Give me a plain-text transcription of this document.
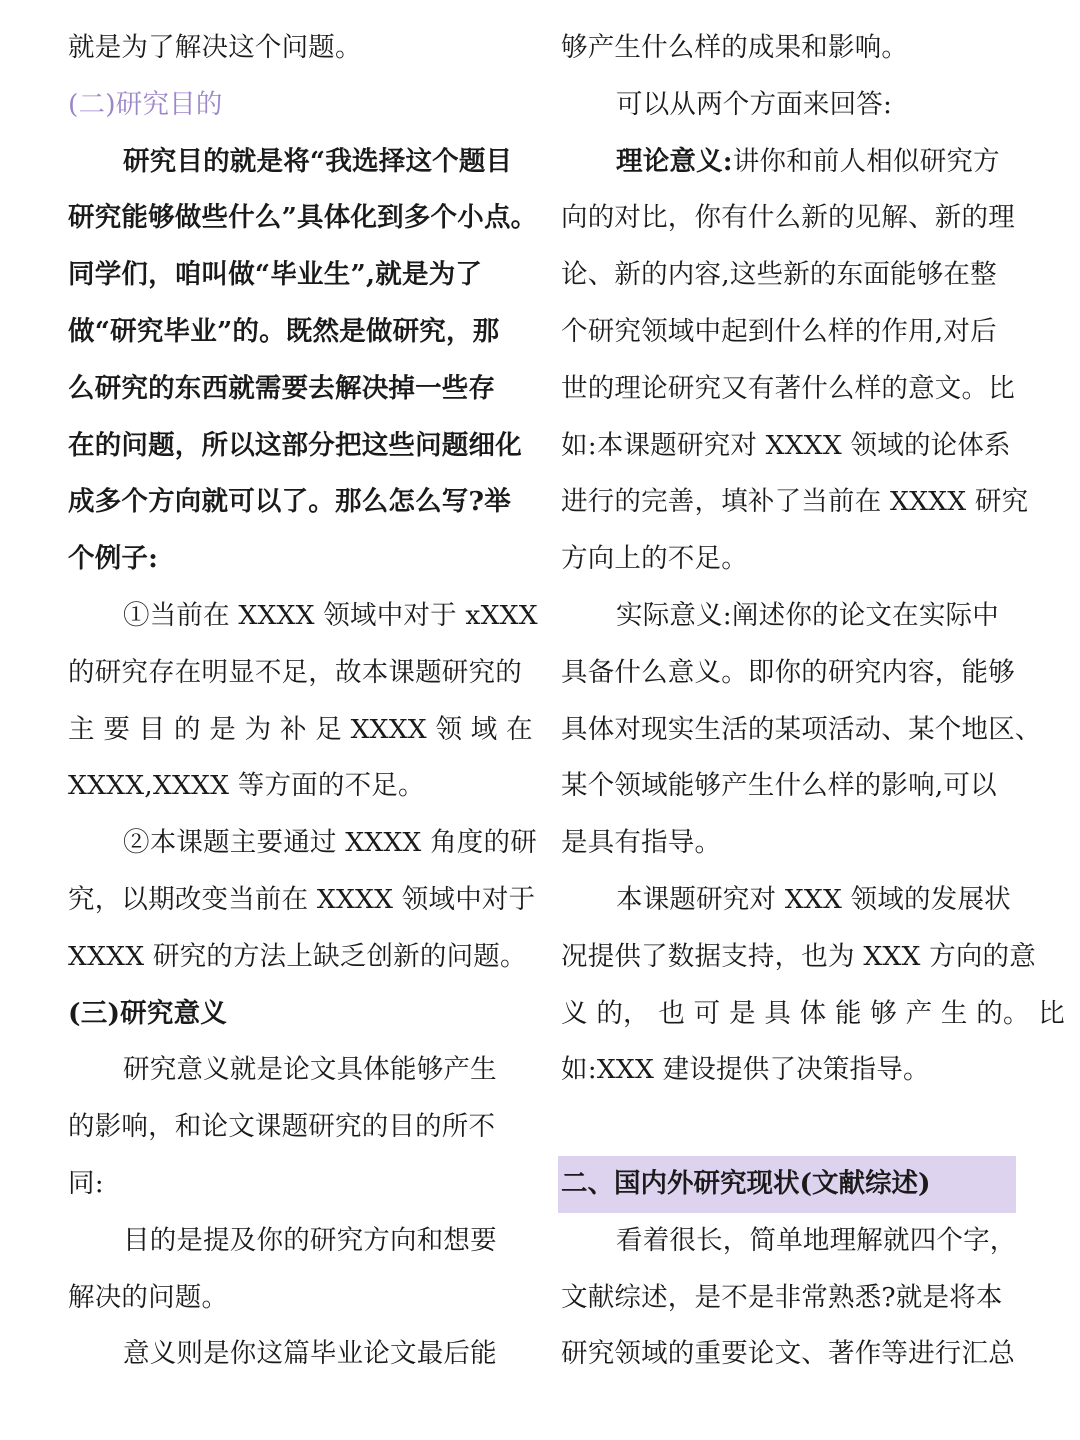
就是为了解决这个问题。
(二)研究目的
研究目的就是将“我选择这个题目
研究能够做些什么”具体化到多个小点。
同学们，咱叫做“毕业生”,就是为了
做“研究毕业”的。既然是做研究，那
么研究的东西就需要去解决掉一些存
在的问题，所以这部分把这些问题细化
成多个方向就可以了。那么怎么写?举
个例子:
①当前在 XXXX 领域中对于 xXXX
的研究存在明显不足，故本课题研究的
主 要 目 的 是 为 补 足 XXXX 领 域 在
XXXX,XXXX 等方面的不足。
②本课题主要通过 XXXX 角度的研
究，以期改变当前在 XXXX 领域中对于
XXXX 研究的方法上缺乏创新的问题。
(三)研究意义
研究意义就是论文具体能够产生
的影响，和论文课题研究的目的所不
同:
目的是提及你的研究方向和想要
解决的问题。
意义则是你这篇毕业论文最后能
够产生什么样的成果和影响。
可以从两个方面来回答:
理论意义:讲你和前人相似研究方
向的对比，你有什么新的见解、新的理
论、新的内容,这些新的东面能够在整
个研究领域中起到什么样的作用,对后
世的理论研究又有著什么样的意文。比
如:本课题研究对 XXXX 领域的论体系
进行的完善，填补了当前在 XXXX 研究
方向上的不足。
实际意义:阐述你的论文在实际中
具备什么意义。即你的研究内容，能够
具体对现实生活的某项活动、某个地区、
某个领域能够产生什么样的影响,可以
是具有指导。
本课题研究对 XXX 领域的发展状
况提供了数据支持，也为 XXX 方向的意
义 的， 也 可 是 具 体 能 够 产 生 的。 比
如:XXX 建设提供了决策指导。
二、国内外研究现状(文献综述)
看着很长，简单地理解就四个字，
文献综述，是不是非常熟悉?就是将本
研究领域的重要论文、著作等进行汇总
